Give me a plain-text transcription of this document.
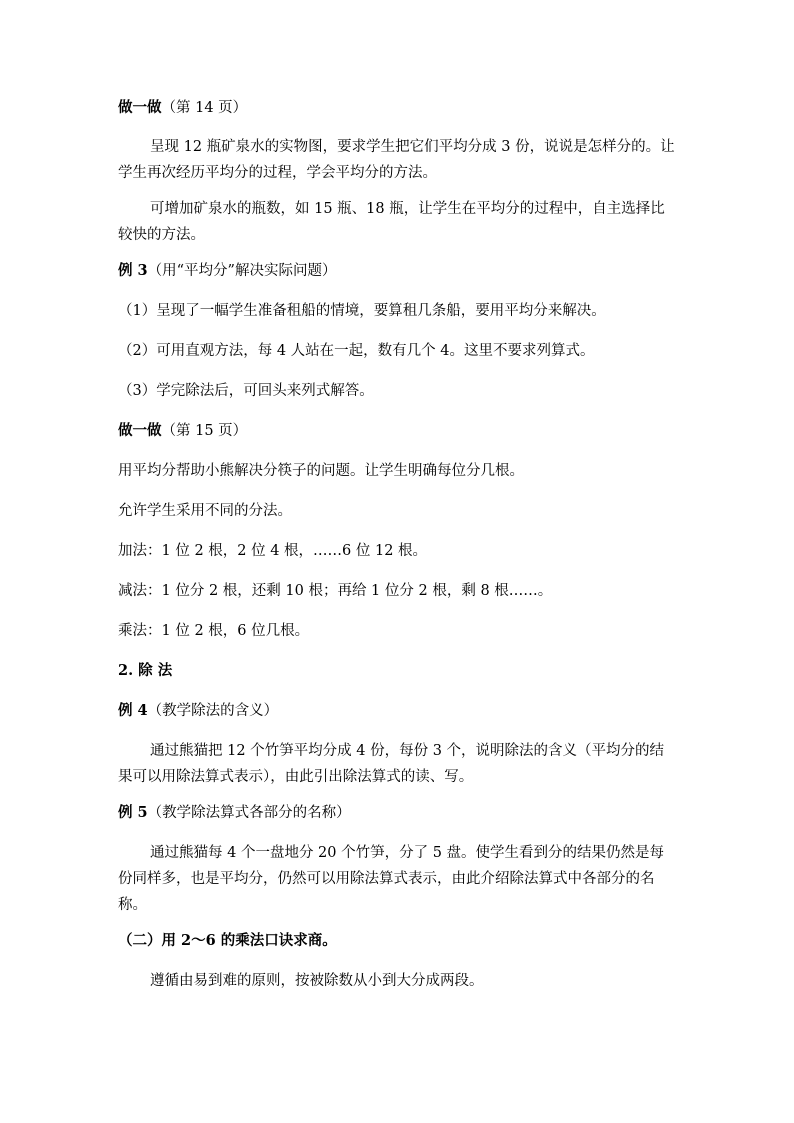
做一做（第 14 页）

呈现 12 瓶矿泉水的实物图，要求学生把它们平均分成 3 份，说说是怎样分的。让学生再次经历平均分的过程，学会平均分的方法。

可增加矿泉水的瓶数，如 15 瓶、18 瓶，让学生在平均分的过程中，自主选择比较快的方法。

例 3（用“平均分”解决实际问题）

（1）呈现了一幅学生准备租船的情境，要算租几条船，要用平均分来解决。

（2）可用直观方法，每 4 人站在一起，数有几个 4。这里不要求列算式。

（3）学完除法后，可回头来列式解答。

做一做（第 15 页）

用平均分帮助小熊解决分筷子的问题。让学生明确每位分几根。

允许学生采用不同的分法。

加法：1 位 2 根，2 位 4 根，……6 位 12 根。

减法：1 位分 2 根，还剩 10 根；再给 1 位分 2 根，剩 8 根……。

乘法：1 位 2 根，6 位几根。

2. 除 法

例 4（教学除法的含义）

通过熊猫把 12 个竹笋平均分成 4 份，每份 3 个，说明除法的含义（平均分的结果可以用除法算式表示），由此引出除法算式的读、写。

例 5（教学除法算式各部分的名称）

通过熊猫每 4 个一盘地分 20 个竹笋，分了 5 盘。使学生看到分的结果仍然是每份同样多，也是平均分，仍然可以用除法算式表示，由此介绍除法算式中各部分的名称。

（二）用 2～6 的乘法口诀求商。

遵循由易到难的原则，按被除数从小到大分成两段。
